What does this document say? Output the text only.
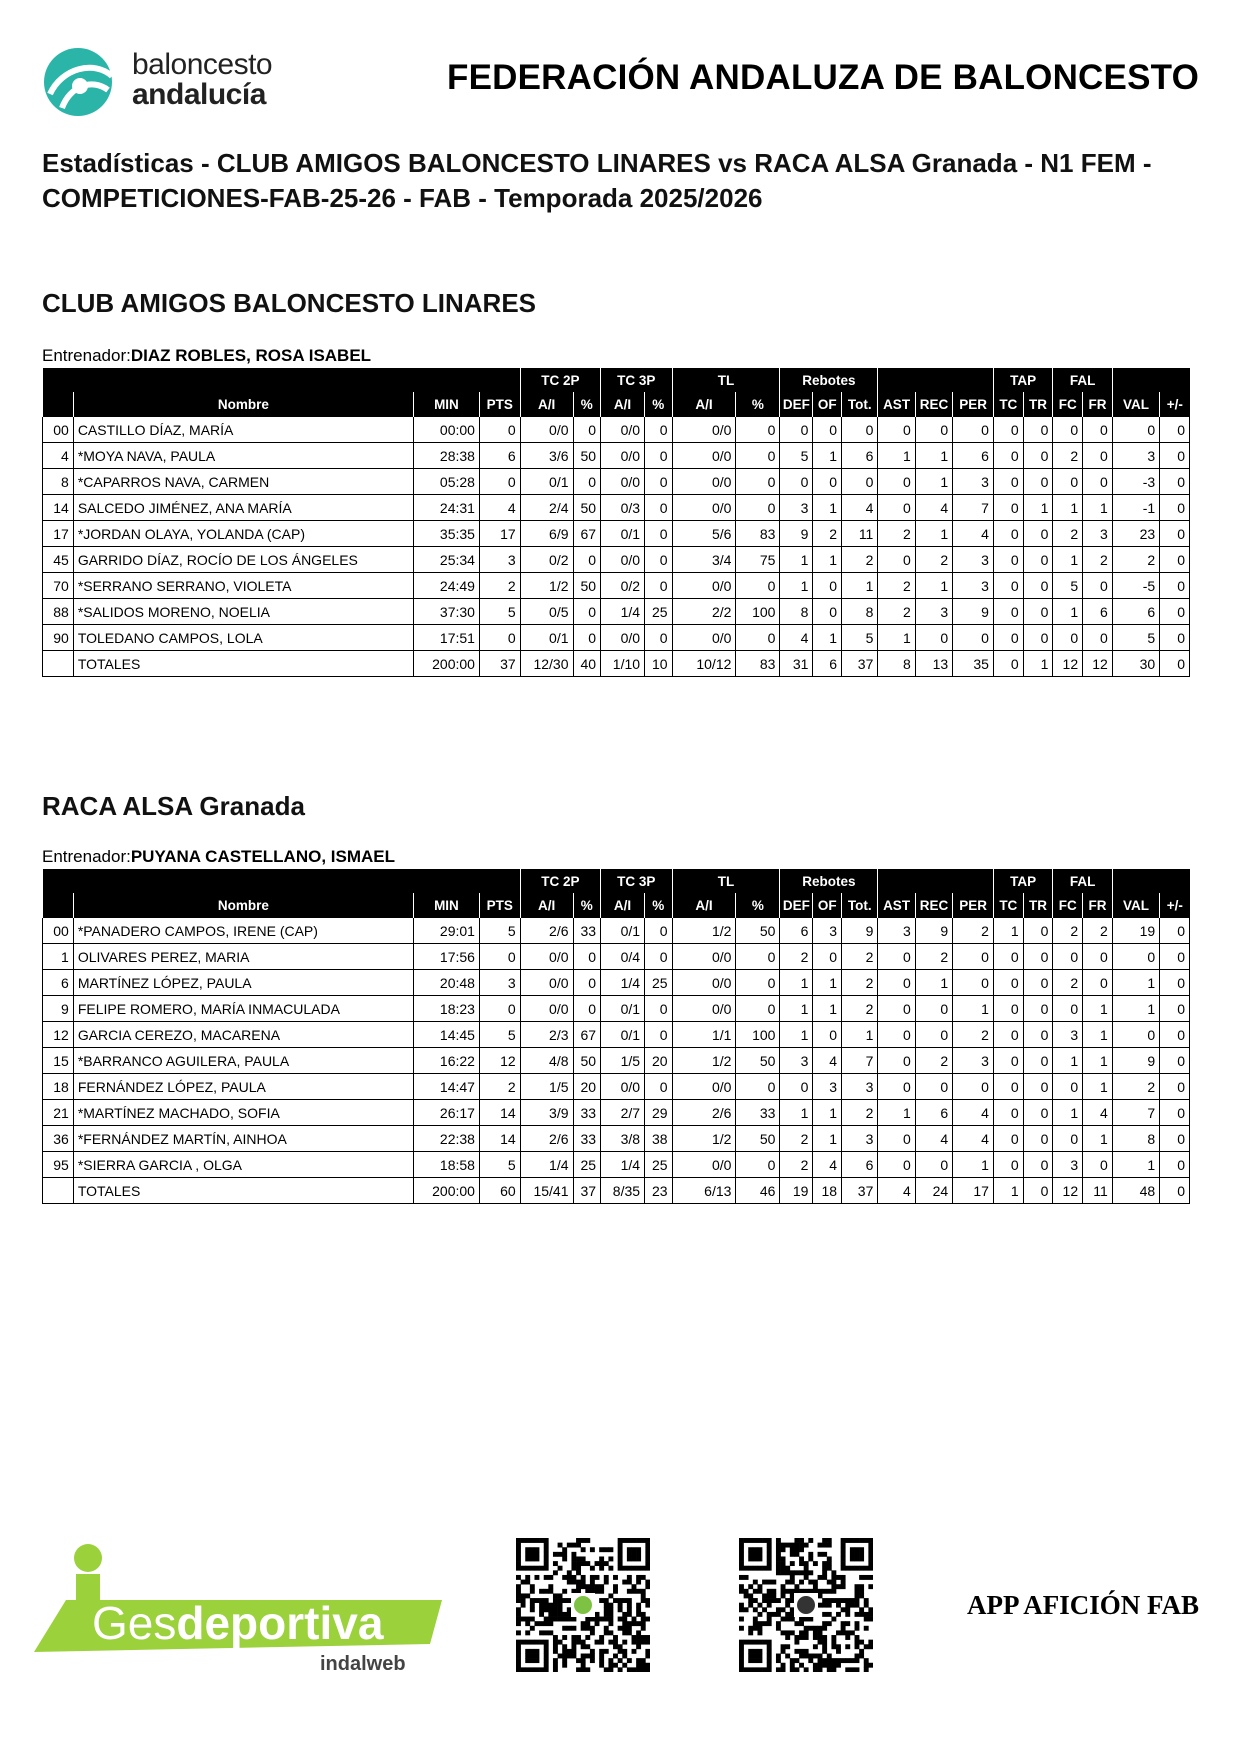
baloncesto
andalucía	FEDERACIÓN ANDALUZA DE BALONCESTO
Estadísticas - CLUB AMIGOS BALONCESTO LINARES vs RACA ALSA Granada - N1 FEM - COMPETICIONES-FAB-25-26 - FAB - Temporada 2025/2026
CLUB AMIGOS BALONCESTO LINARES
Entrenador:DIAZ ROBLES, ROSA ISABEL
				TC 2P		TC 3P		TL		Rebotes						TAP		FAL			
	Nombre	MIN	PTS	A/I	%	A/I	%	A/I	%	DEF	OF	Tot.	AST	REC	PER	TC	TR	FC	FR	VAL	+/-
00	CASTILLO DÍAZ, MARÍA	00:00	0	0/0	0	0/0	0	0/0	0	0	0	0	0	0	0	0	0	0	0	0	0
4	*MOYA NAVA, PAULA	28:38	6	3/6	50	0/0	0	0/0	0	5	1	6	1	1	6	0	0	2	0	3	0
8	*CAPARROS NAVA, CARMEN	05:28	0	0/1	0	0/0	0	0/0	0	0	0	0	0	1	3	0	0	0	0	-3	0
14	SALCEDO JIMÉNEZ, ANA MARÍA	24:31	4	2/4	50	0/3	0	0/0	0	3	1	4	0	4	7	0	1	1	1	-1	0
17	*JORDAN OLAYA, YOLANDA (CAP)	35:35	17	6/9	67	0/1	0	5/6	83	9	2	11	2	1	4	0	0	2	3	23	0
45	GARRIDO DÍAZ, ROCÍO DE LOS ÁNGELES	25:34	3	0/2	0	0/0	0	3/4	75	1	1	2	0	2	3	0	0	1	2	2	0
70	*SERRANO SERRANO, VIOLETA	24:49	2	1/2	50	0/2	0	0/0	0	1	0	1	2	1	3	0	0	5	0	-5	0
88	*SALIDOS MORENO, NOELIA	37:30	5	0/5	0	1/4	25	2/2	100	8	0	8	2	3	9	0	0	1	6	6	0
90	TOLEDANO CAMPOS, LOLA	17:51	0	0/1	0	0/0	0	0/0	0	4	1	5	1	0	0	0	0	0	0	5	0
	TOTALES	200:00	37	12/30	40	1/10	10	10/12	83	31	6	37	8	13	35	0	1	12	12	30	0
RACA ALSA Granada
Entrenador:PUYANA CASTELLANO, ISMAEL
				TC 2P		TC 3P		TL		Rebotes						TAP		FAL			
	Nombre	MIN	PTS	A/I	%	A/I	%	A/I	%	DEF	OF	Tot.	AST	REC	PER	TC	TR	FC	FR	VAL	+/-
00	*PANADERO CAMPOS, IRENE (CAP)	29:01	5	2/6	33	0/1	0	1/2	50	6	3	9	3	9	2	1	0	2	2	19	0
1	OLIVARES PEREZ, MARIA	17:56	0	0/0	0	0/4	0	0/0	0	2	0	2	0	2	0	0	0	0	0	0	0
6	MARTÍNEZ LÓPEZ, PAULA	20:48	3	0/0	0	1/4	25	0/0	0	1	1	2	0	1	0	0	0	2	0	1	0
9	FELIPE ROMERO, MARÍA INMACULADA	18:23	0	0/0	0	0/1	0	0/0	0	1	1	2	0	0	1	0	0	0	1	1	0
12	GARCIA CEREZO, MACARENA	14:45	5	2/3	67	0/1	0	1/1	100	1	0	1	0	0	2	0	0	3	1	0	0
15	*BARRANCO AGUILERA, PAULA	16:22	12	4/8	50	1/5	20	1/2	50	3	4	7	0	2	3	0	0	1	1	9	0
18	FERNÁNDEZ LÓPEZ, PAULA	14:47	2	1/5	20	0/0	0	0/0	0	0	3	3	0	0	0	0	0	0	1	2	0
21	*MARTÍNEZ MACHADO, SOFIA	26:17	14	3/9	33	2/7	29	2/6	33	1	1	2	1	6	4	0	0	1	4	7	0
36	*FERNÁNDEZ MARTÍN, AINHOA	22:38	14	2/6	33	3/8	38	1/2	50	2	1	3	0	4	4	0	0	0	1	8	0
95	*SIERRA GARCIA , OLGA	18:58	5	1/4	25	1/4	25	0/0	0	2	4	6	0	0	1	0	0	3	0	1	0
	TOTALES	200:00	60	15/41	37	8/35	23	6/13	46	19	18	37	4	24	17	1	0	12	11	48	0
Gesdeportiva
indalweb
APP AFICIÓN FAB
